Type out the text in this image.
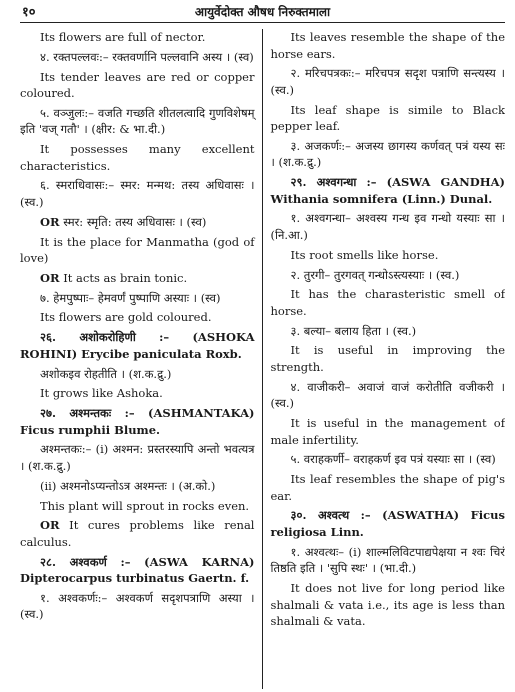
१०	आयुर्वेदोक्त औषध निरुक्तमाला

Its flowers are full of nector.

४. रक्तपल्लवः:– रक्तवर्णानि पल्लवानि अस्य । (स्व)

Its tender leaves are red or copper coloured.

५. वञ्जुलः:– वजति गच्छति शीतलत्वादि गुणविशेषम् इति 'वज् गतौ' । (क्षीर: & भा.दी.)

It possesses many excellent characteristics.

६. स्मराधिवासः:– स्मर: मन्मथ: तस्य अधिवासः । (स्व.)

OR स्मर: स्मृति: तस्य अधिवासः । (स्व)

It is the place for Manmatha (god of love)

OR It acts as brain tonic.

७. हेमपुष्पाः– हेमवर्णं पुष्पाणि अस्याः । (स्व)

Its flowers are gold coloured.

२६. अशोकरोहिणी :– (ASHOKA ROHINI) Erycibe paniculata Roxb.

अशोकइव रोहतीति । (श.क.द्रु.)

It grows like Ashoka.

२७. अश्मन्तकः :– (ASHMANTAKA) Ficus rumphii Blume.

अश्मन्तकः:– (i) अश्मन: प्रस्तरस्यापि अन्तो भवत्यत्र । (श.क.द्रु.)

(ii) अश्मनोऽप्यन्तोऽत्र अश्मन्तः । (अ.को.)

This plant will sprout in rocks even.

OR It cures problems like renal calculus.

२८. अश्वकर्ण :– (ASWA KARNA) Dipterocarpus turbinatus Gaertn. f.

१. अश्वकर्णः:– अश्वकर्ण सदृशपत्राणि अस्या । (स्व.)

Its leaves resemble the shape of the horse ears.

२. मरिचपत्रकः:– मरिचपत्र सदृश पत्राणि सन्त्यस्य । (स्व.)

Its leaf shape is simile to Black pepper leaf.

३. अजकर्णः:– अजस्य छागस्य कर्णवत् पत्रं यस्य सः । (श.क.द्रु.)

२९. अश्वगन्धा :– (ASWA GANDHA) Withania somnifera (Linn.) Dunal.

१. अश्वगन्धा– अश्वस्य गन्ध इव गन्धो यस्याः सा । (नि.आ.)

Its root smells like horse.

२. तुरगी– तुरगवत् गन्धोऽस्त्यस्याः । (स्व.)

It has the charasteristic smell of horse.

३. बल्या– बलाय हिता । (स्व.)

It is useful in improving the strength.

४. वाजीकरी– अवाजं वाजं करोतीति वजीकरी । (स्व.)

It is useful in the management of male infertility.

५. वराहकर्णी– वराहकर्ण इव पत्रं यस्याः सा । (स्व)

Its leaf resembles the shape of pig's ear.

३०. अश्वत्थ :– (ASWATHA) Ficus religiosa Linn.

१. अश्वत्थः– (i) शाल्मलिविटपाद्यपेक्षया न श्वः चिरं तिष्ठति इति । 'सुपि स्थः' । (भा.दी.)

It does not live for long period like shalmali & vata i.e., its age is less than shalmali & vata.
